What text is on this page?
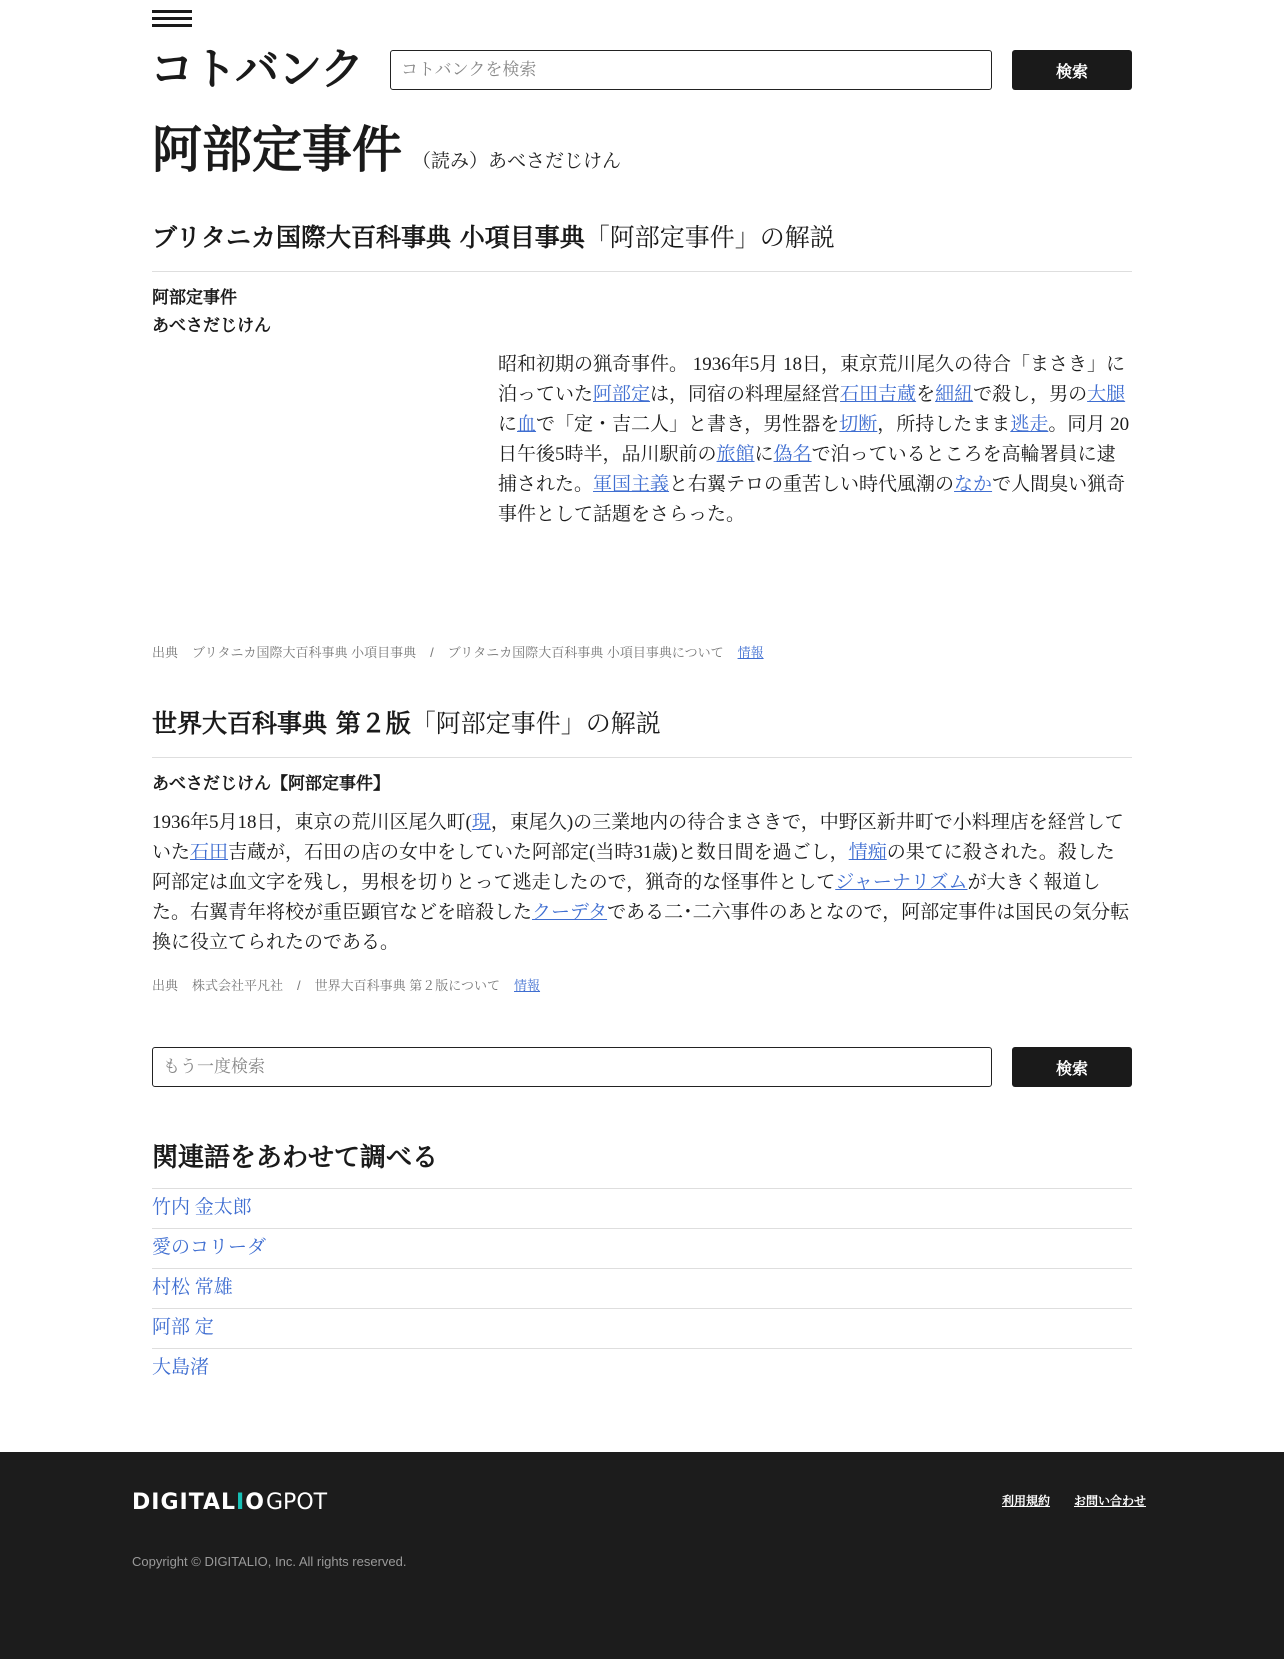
コトバンク
コトバンクを検索	検索
阿部定事件 （読み）あべさだじけん
ブリタニカ国際大百科事典 小項目事典「阿部定事件」の解説
阿部定事件
あべさだじけん

昭和初期の猟奇事件。 1936年5月 18日，東京荒川尾久の待合「まさき」に泊っていた阿部定は，同宿の料理屋経営石田吉蔵を細紐で殺し，男の大腿に血で「定・吉二人」と書き，男性器を切断，所持したまま逃走。同月 20日午後5時半，品川駅前の旅館に偽名で泊っているところを高輪署員に逮捕された。軍国主義と右翼テロの重苦しい時代風潮のなかで人間臭い猟奇事件として話題をさらった。

出典 ブリタニカ国際大百科事典 小項目事典 / ブリタニカ国際大百科事典 小項目事典について 情報
世界大百科事典 第２版「阿部定事件」の解説
あべさだじけん【阿部定事件】

1936年5月18日，東京の荒川区尾久町(現，東尾久)の三業地内の待合まさきで，中野区新井町で小料理店を経営していた石田吉蔵が，石田の店の女中をしていた阿部定(当時31歳)と数日間を過ごし，情痴の果てに殺された。殺した阿部定は血文字を残し，男根を切りとって逃走したので，猟奇的な怪事件としてジャーナリズムが大きく報道した。右翼青年将校が重臣顕官などを暗殺したクーデタである二･二六事件のあとなので，阿部定事件は国民の気分転換に役立てられたのである。

出典 株式会社平凡社 / 世界大百科事典 第２版について 情報
もう一度検索
検索
関連語をあわせて調べる
竹内 金太郎
愛のコリーダ
村松 常雄
阿部 定
大島渚
DIGITALIO GPOT	利用規約 お問い合わせ
Copyright © DIGITALIO, Inc. All rights reserved.
